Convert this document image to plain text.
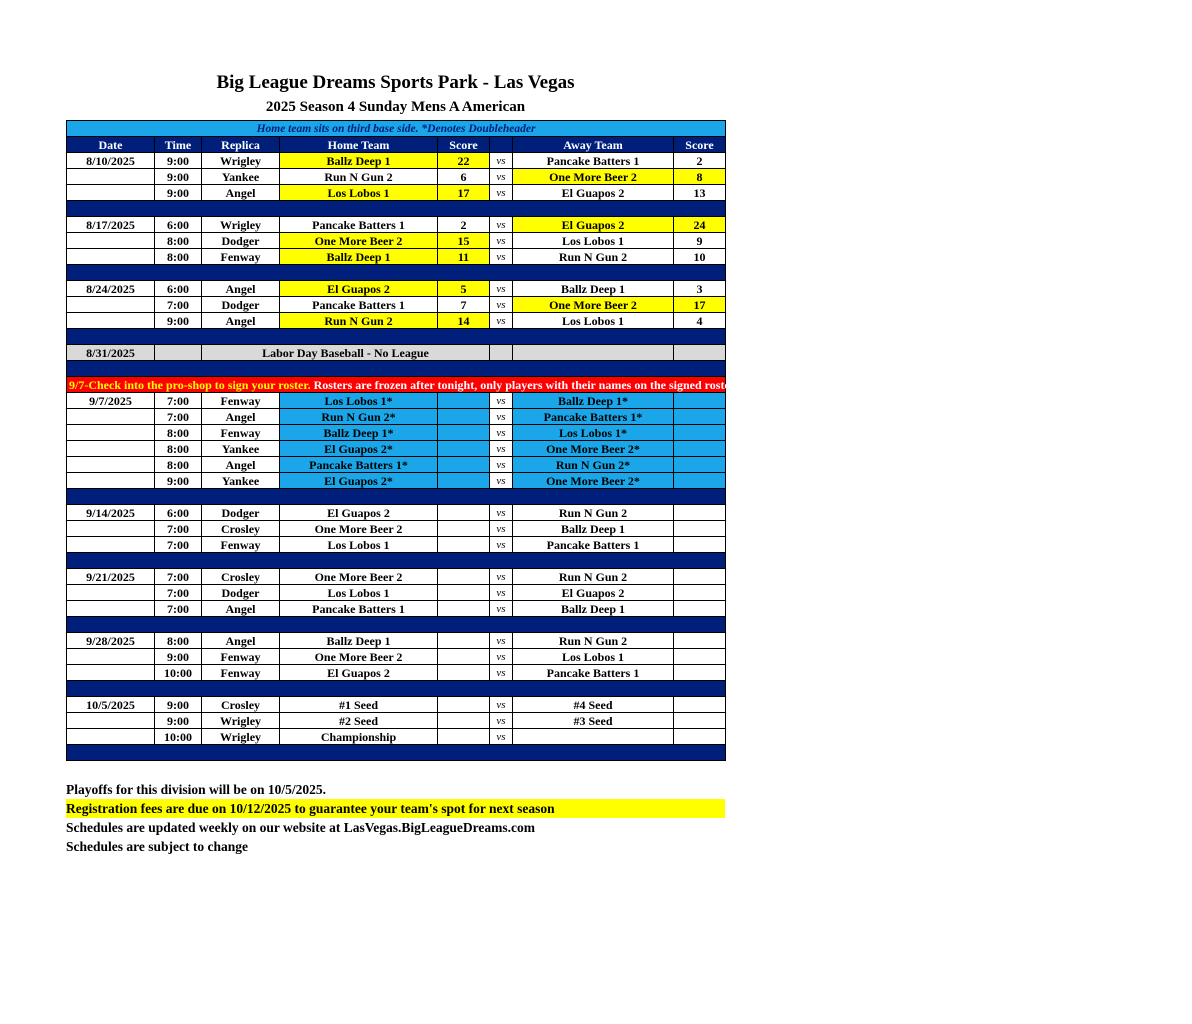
Big League Dreams Sports Park - Las Vegas
2025 Season 4 Sunday Mens A American
Home team sits on third base side. *Denotes Doubleheader							
Date	Time	Replica	Home Team	Score		Away Team	Score
8/10/2025	9:00	Wrigley	Ballz Deep 1	22	vs	Pancake Batters 1	2
	9:00	Yankee	Run N Gun 2	6	vs	One More Beer 2	8
	9:00	Angel	Los Lobos 1	17	vs	El Guapos 2	13

8/17/2025	6:00	Wrigley	Pancake Batters 1	2	vs	El Guapos 2	24
	8:00	Dodger	One More Beer 2	15	vs	Los Lobos 1	9
	8:00	Fenway	Ballz Deep 1	11	vs	Run N Gun 2	10

8/24/2025	6:00	Angel	El Guapos 2	5	vs	Ballz Deep 1	3
	7:00	Dodger	Pancake Batters 1	7	vs	One More Beer 2	17
	9:00	Angel	Run N Gun 2	14	vs	Los Lobos 1	4

8/31/2025		Labor Day Baseball - No League					

9/7-Check into the pro-shop to sign your roster. Rosters are frozen after tonight, only players with their names on the signed roster are eligible for playoffs. Please check carefully as changes will not be made for omissions.							
9/7/2025	7:00	Fenway	Los Lobos 1*		vs	Ballz Deep 1*	
	7:00	Angel	Run N Gun 2*		vs	Pancake Batters 1*	
	8:00	Fenway	Ballz Deep 1*		vs	Los Lobos 1*	
	8:00	Yankee	El Guapos 2*		vs	One More Beer 2*	
	8:00	Angel	Pancake Batters 1*		vs	Run N Gun 2*	
	9:00	Yankee	El Guapos 2*		vs	One More Beer 2*	

9/14/2025	6:00	Dodger	El Guapos 2		vs	Run N Gun 2	
	7:00	Crosley	One More Beer 2		vs	Ballz Deep 1	
	7:00	Fenway	Los Lobos 1		vs	Pancake Batters 1	

9/21/2025	7:00	Crosley	One More Beer 2		vs	Run N Gun 2	
	7:00	Dodger	Los Lobos 1		vs	El Guapos 2	
	7:00	Angel	Pancake Batters 1		vs	Ballz Deep 1	

9/28/2025	8:00	Angel	Ballz Deep 1		vs	Run N Gun 2	
	9:00	Fenway	One More Beer 2		vs	Los Lobos 1	
	10:00	Fenway	El Guapos 2		vs	Pancake Batters 1	

10/5/2025	9:00	Crosley	#1 Seed		vs	#4 Seed	
	9:00	Wrigley	#2 Seed		vs	#3 Seed	
	10:00	Wrigley	Championship		vs		

Playoffs for this division will be on 10/5/2025.
Registration fees are due on 10/12/2025 to guarantee your team's spot for next season
Schedules are updated weekly on our website at LasVegas.BigLeagueDreams.com
Schedules are subject to change
